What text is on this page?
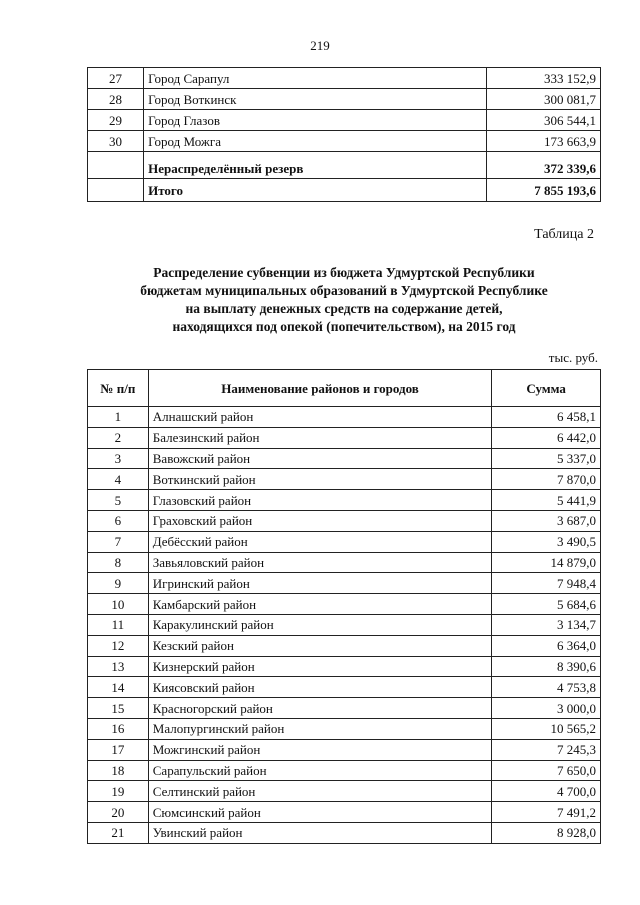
219
27	Город Сарапул	333 152,9
28	Город Воткинск	300 081,7
29	Город Глазов	306 544,1
30	Город Можга	173 663,9
	Нераспределённый резерв	372 339,6
	Итого	7 855 193,6
Таблица 2
Распределение субвенции из бюджета Удмуртской Республики
бюджетам муниципальных образований в Удмуртской Республике
на выплату денежных средств на содержание детей,
находящихся под опекой (попечительством), на 2015 год
тыс. руб.
№ п/п	Наименование районов и городов	Сумма
1	Алнашский район	6 458,1
2	Балезинский район	6 442,0
3	Вавожский район	5 337,0
4	Воткинский район	7 870,0
5	Глазовский район	5 441,9
6	Граховский район	3 687,0
7	Дебёсский район	3 490,5
8	Завьяловский район	14 879,0
9	Игринский район	7 948,4
10	Камбарский район	5 684,6
11	Каракулинский район	3 134,7
12	Кезский район	6 364,0
13	Кизнерский район	8 390,6
14	Киясовский район	4 753,8
15	Красногорский район	3 000,0
16	Малопургинский район	10 565,2
17	Можгинский район	7 245,3
18	Сарапульский район	7 650,0
19	Селтинский район	4 700,0
20	Сюмсинский район	7 491,2
21	Увинский район	8 928,0
